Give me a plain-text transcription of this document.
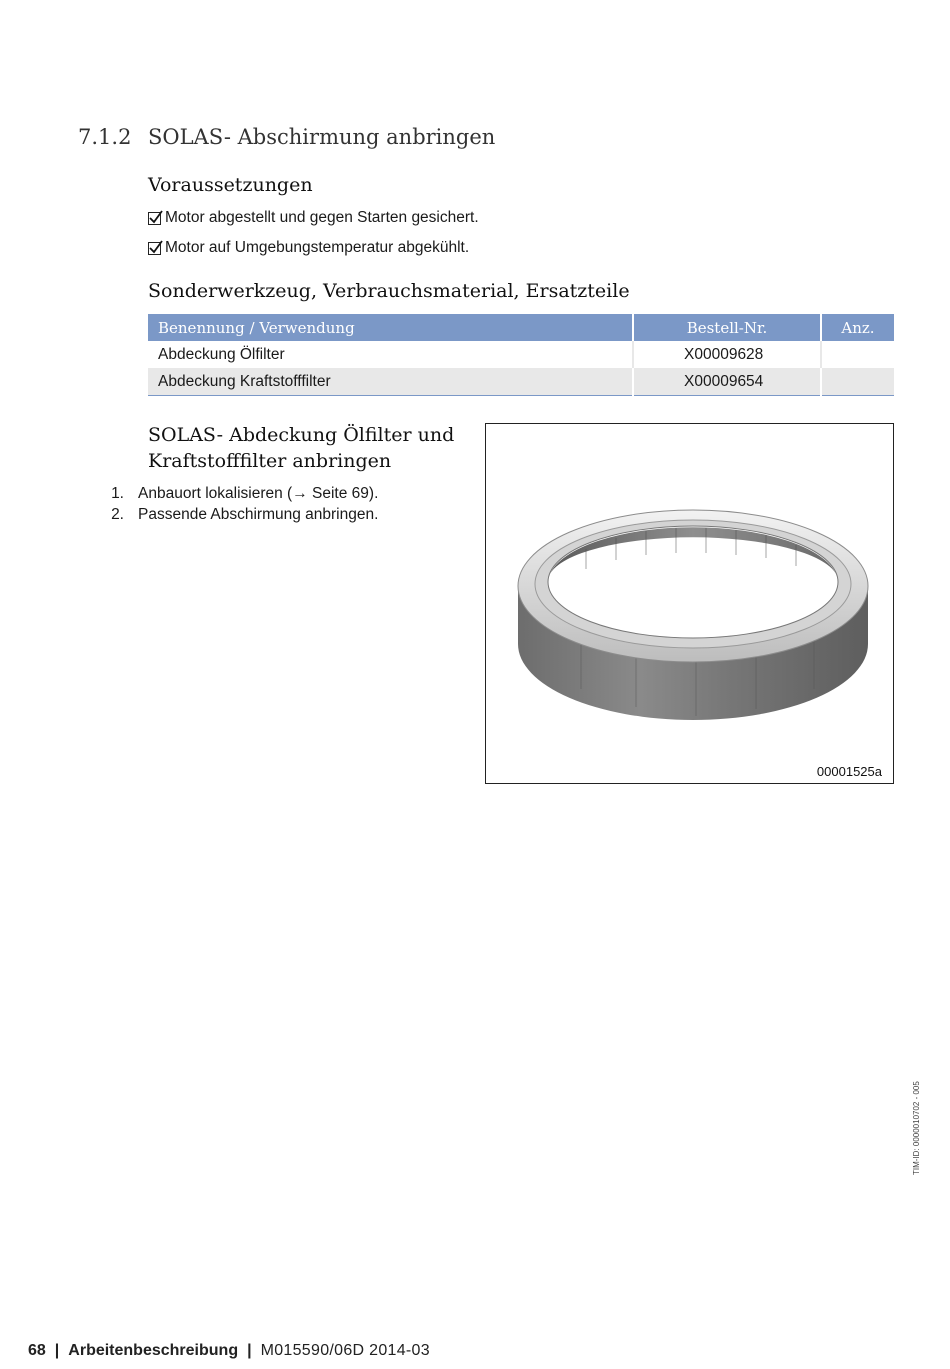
7.1.2 SOLAS- Abschirmung anbringen
Voraussetzungen
Motor abgestellt und gegen Starten gesichert.
Motor auf Umgebungstemperatur abgekühlt.
Sonderwerkzeug, Verbrauchsmaterial, Ersatzteile
Benennung / Verwendung	Bestell-Nr.	Anz.
Abdeckung Ölfilter	X00009628	
Abdeckung Kraftstofffilter	X00009654	
SOLAS- Abdeckung Ölfilter und Kraftstofffilter anbringen
1. Anbauort lokalisieren (→ Seite 69).
2. Passende Abschirmung anbringen.
00001525a
TIM-ID: 0000010702 - 005
68 | Arbeitenbeschreibung | M015590/06D 2014-03
